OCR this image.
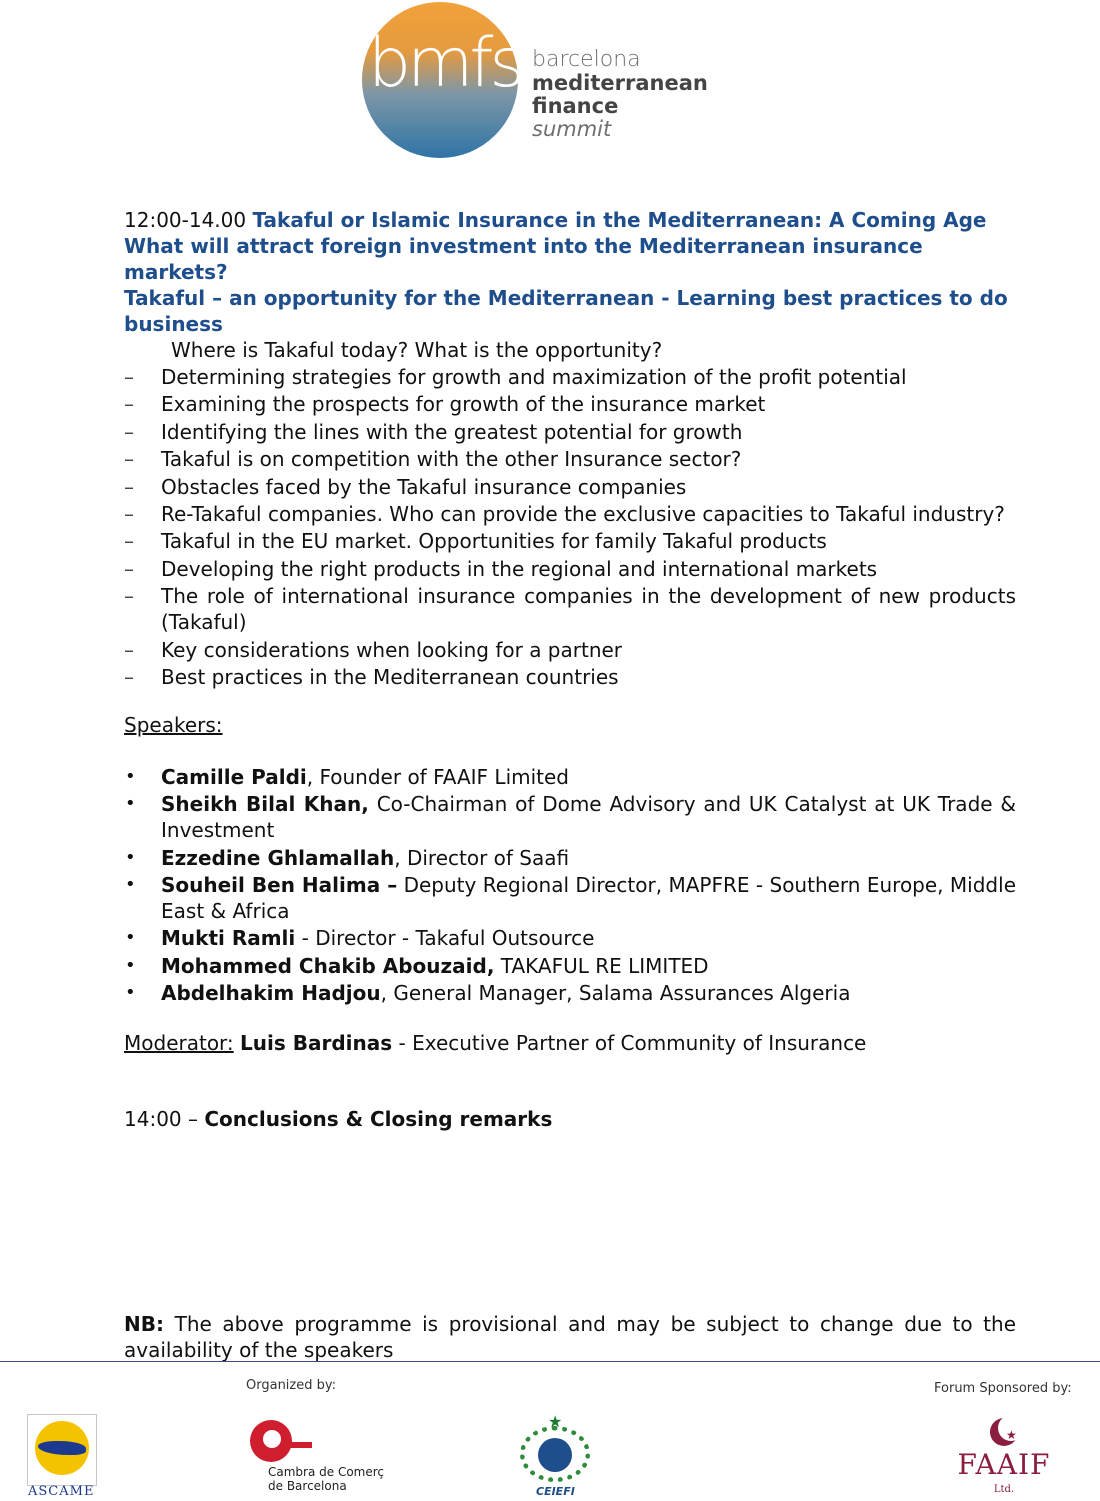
bmfs barcelona
mediterranean finance
summit

12:00-14.00 Takaful or Islamic Insurance in the Mediterranean: A Coming Age

What will attract foreign investment into the Mediterranean insurance markets?

Takaful – an opportunity for the Mediterranean - Learning best practices to do business

Where is Takaful today? What is the opportunity?

– Determining strategies for growth and maximization of the profit potential
– Examining the prospects for growth of the insurance market
– Identifying the lines with the greatest potential for growth
– Takaful is on competition with the other Insurance sector?
– Obstacles faced by the Takaful insurance companies
– Re-Takaful companies. Who can provide the exclusive capacities to Takaful industry?
– Takaful in the EU market. Opportunities for family Takaful products
– Developing the right products in the regional and international markets
– The role of international insurance companies in the development of new products (Takaful)
– Key considerations when looking for a partner
– Best practices in the Mediterranean countries

Speakers:

• Camille Paldi, Founder of FAAIF Limited
• Sheikh Bilal Khan, Co-Chairman of Dome Advisory and UK Catalyst at UK Trade & Investment
• Ezzedine Ghlamallah, Director of Saafi
• Souheil Ben Halima – Deputy Regional Director, MAPFRE - Southern Europe, Middle East & Africa
• Mukti Ramli - Director - Takaful Outsource
• Mohammed Chakib Abouzaid, TAKAFUL RE LIMITED
• Abdelhakim Hadjou, General Manager, Salama Assurances Algeria

Moderator: Luis Bardinas - Executive Partner of Community of Insurance

14:00 – Conclusions & Closing remarks

NB: The above programme is provisional and may be subject to change due to the availability of the speakers

Organized by:	Forum Sponsored by:
ASCAME
Cambra de Comerç
de Barcelona
★
CEIEFI
★
FAAIF
Ltd.
